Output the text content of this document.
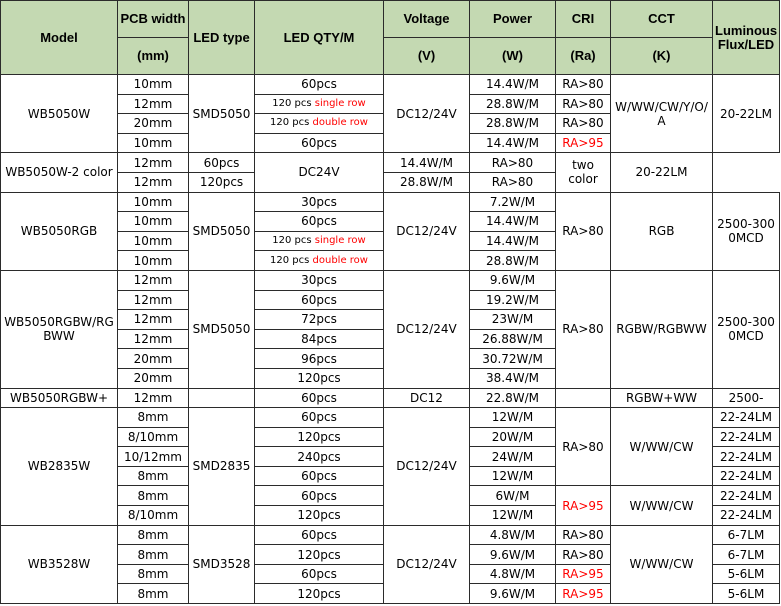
Model	PCB width	LED type	LED QTY/M	Voltage	Power	CRI	CCT	Luminous Flux/LED
	(mm)			(V)	(W)	(Ra)	(K)	
WB5050W	10mm	SMD5050	60pcs	DC12/24V	14.4W/M	RA>80	W/WW/CW/Y/O/A	20-22LM
	12mm		120 pcs single row		28.8W/M	RA>80		
	20mm		120 pcs double row		28.8W/M	RA>80		
	10mm		60pcs		14.4W/M	RA>95		
WB5050W-2 color	12mm	60pcs	DC24V	14.4W/M	RA>80	two color	20-22LM	
	12mm	120pcs		28.8W/M	RA>80			
WB5050RGB	10mm	SMD5050	30pcs	DC12/24V	7.2W/M	RA>80	RGB	2500-3000MCD
	10mm		60pcs		14.4W/M			
	10mm		120 pcs single row		14.4W/M			
	10mm		120 pcs double row		28.8W/M			
WB5050RGBW/RGBWW	12mm	SMD5050	30pcs	DC12/24V	9.6W/M	RA>80	RGBW/RGBWW	2500-3000MCD
	12mm		60pcs		19.2W/M			
	12mm		72pcs		23W/M			
	12mm		84pcs		26.88W/M			
	20mm		96pcs		30.72W/M			
	20mm		120pcs		38.4W/M			
WB5050RGBW+	12mm		60pcs	DC12	22.8W/M		RGBW+WW	2500-
WB2835W	8mm	SMD2835	60pcs	DC12/24V	12W/M	RA>80	W/WW/CW	22-24LM
	8/10mm		120pcs		20W/M			22-24LM
	10/12mm		240pcs		24W/M			22-24LM
	8mm		60pcs		12W/M			22-24LM
	8mm		60pcs		6W/M	RA>95	W/WW/CW	22-24LM
	8/10mm		120pcs		12W/M			22-24LM
WB3528W	8mm	SMD3528	60pcs	DC12/24V	4.8W/M	RA>80	W/WW/CW	6-7LM
	8mm		120pcs		9.6W/M	RA>80		6-7LM
	8mm		60pcs		4.8W/M	RA>95		5-6LM
	8mm		120pcs		9.6W/M	RA>95		5-6LM
